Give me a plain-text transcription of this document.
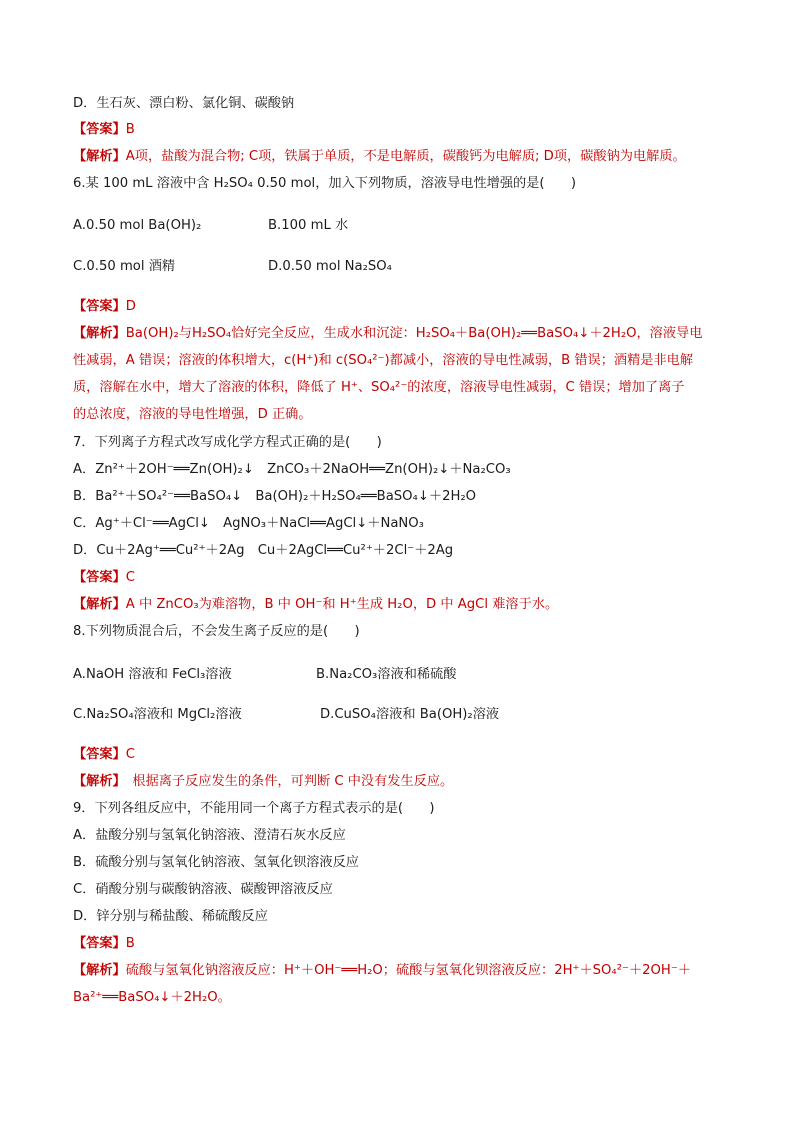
D．生石灰、漂白粉、氯化铜、碳酸钠
【答案】B
【解析】A项，盐酸为混合物; C项，铁属于单质，不是电解质，碳酸钙为电解质; D项，碳酸钠为电解质。
6.某 100 mL 溶液中含 H₂SO₄ 0.50 mol，加入下列物质，溶液导电性增强的是(　　)
A.0.50 mol Ba(OH)₂	B.100 mL 水
C.0.50 mol 酒精	D.0.50 mol Na₂SO₄
【答案】D
【解析】Ba(OH)₂与H₂SO₄恰好完全反应，生成水和沉淀：H₂SO₄＋Ba(OH)₂══BaSO₄↓＋2H₂O，溶液导电
性减弱，A 错误；溶液的体积增大，c(H⁺)和 c(SO₄²⁻)都减小，溶液的导电性减弱，B 错误；酒精是非电解
质，溶解在水中，增大了溶液的体积，降低了 H⁺、SO₄²⁻的浓度，溶液导电性减弱，C 错误；增加了离子
的总浓度，溶液的导电性增强，D 正确。
7．下列离子方程式改写成化学方程式正确的是(　　)
A．Zn²⁺＋2OH⁻══Zn(OH)₂↓　ZnCO₃＋2NaOH══Zn(OH)₂↓＋Na₂CO₃
B．Ba²⁺＋SO₄²⁻══BaSO₄↓　Ba(OH)₂＋H₂SO₄══BaSO₄↓＋2H₂O
C．Ag⁺＋Cl⁻══AgCl↓　AgNO₃＋NaCl══AgCl↓＋NaNO₃
D．Cu＋2Ag⁺══Cu²⁺＋2Ag　Cu＋2AgCl══Cu²⁺＋2Cl⁻＋2Ag
【答案】C
【解析】A 中 ZnCO₃为难溶物，B 中 OH⁻和 H⁺生成 H₂O，D 中 AgCl 难溶于水。
8.下列物质混合后，不会发生离子反应的是(　　)
A.NaOH 溶液和 FeCl₃溶液	B.Na₂CO₃溶液和稀硫酸
C.Na₂SO₄溶液和 MgCl₂溶液	D.CuSO₄溶液和 Ba(OH)₂溶液
【答案】C
【解析】　根据离子反应发生的条件，可判断 C 中没有发生反应。
9．下列各组反应中，不能用同一个离子方程式表示的是(　　)
A．盐酸分别与氢氧化钠溶液、澄清石灰水反应
B．硫酸分别与氢氧化钠溶液、氢氧化钡溶液反应
C．硝酸分别与碳酸钠溶液、碳酸钾溶液反应
D．锌分别与稀盐酸、稀硫酸反应
【答案】B
【解析】硫酸与氢氧化钠溶液反应：H⁺＋OH⁻══H₂O；硫酸与氢氧化钡溶液反应：2H⁺＋SO₄²⁻＋2OH⁻＋
Ba²⁺══BaSO₄↓＋2H₂O。
